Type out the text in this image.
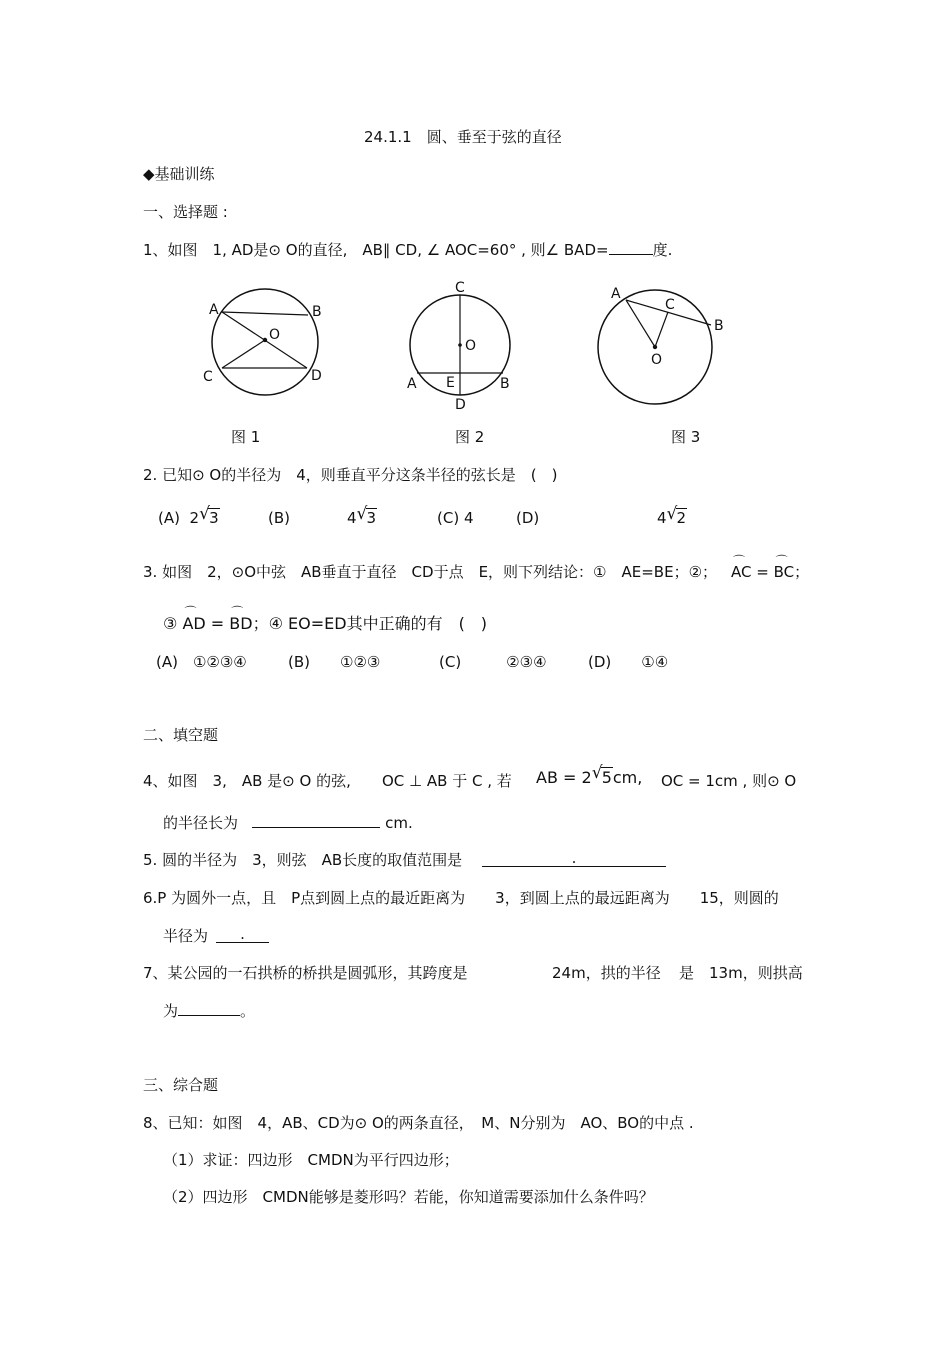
24.1.1　圆、垂至于弦的直径
◆基础训练
一、选择题 :
1、如图　1, AD是⊙ O的直径,　AB∥ CD, ∠ AOC=60° , 则∠ BAD=	度.
A	B
O
C	D
图 1
C
O
A E	B
D
图 2
A
C
B
O
图 3
2. 已知⊙ O的半径为　4，则垂直平分这条半径的弦长是　(　)
(A) 2 √ 3	(B)	4 √ 3	(C) 4	(D)	4 √ 2
3. 如图　2，⊙O中弦　AB垂直于直径　CD于点　E，则下列结论：①　AE=BE；②； ⌒ AC = ⌒ BC；
③ ⌒ AD = ⌒ BD；④ EO=ED其中正确的有　(　)
(A)　①②③④	(B)　　①②③	(C)　　　②③④	(D)　　①④
二、填空题
4、如图　3,　AB 是⊙ O 的弦, OC ⊥ AB 于 C , 若 AB = 2 √ 5cm, OC = 1cm , 则⊙ O
的半径长为	cm.
5. 圆的半径为　3，则弦　AB长度的取值范围是	.
6.P 为圆外一点，且　P点到圆上点的最近距离为　　3，到圆上点的最远距离为　　15，则圆的
半径为	.
7、某公园的一石拱桥的桥拱是圆弧形，其跨度是	24m，拱的半径 是　13m，则拱高
为	。
三、综合题
8、已知：如图　4，AB、CD为⊙ O的两条直径，　M、N分别为　AO、BO的中点 .
（1）求证：四边形　CMDN为平行四边形；
（2）四边形　CMDN能够是菱形吗？若能，你知道需要添加什么条件吗？
